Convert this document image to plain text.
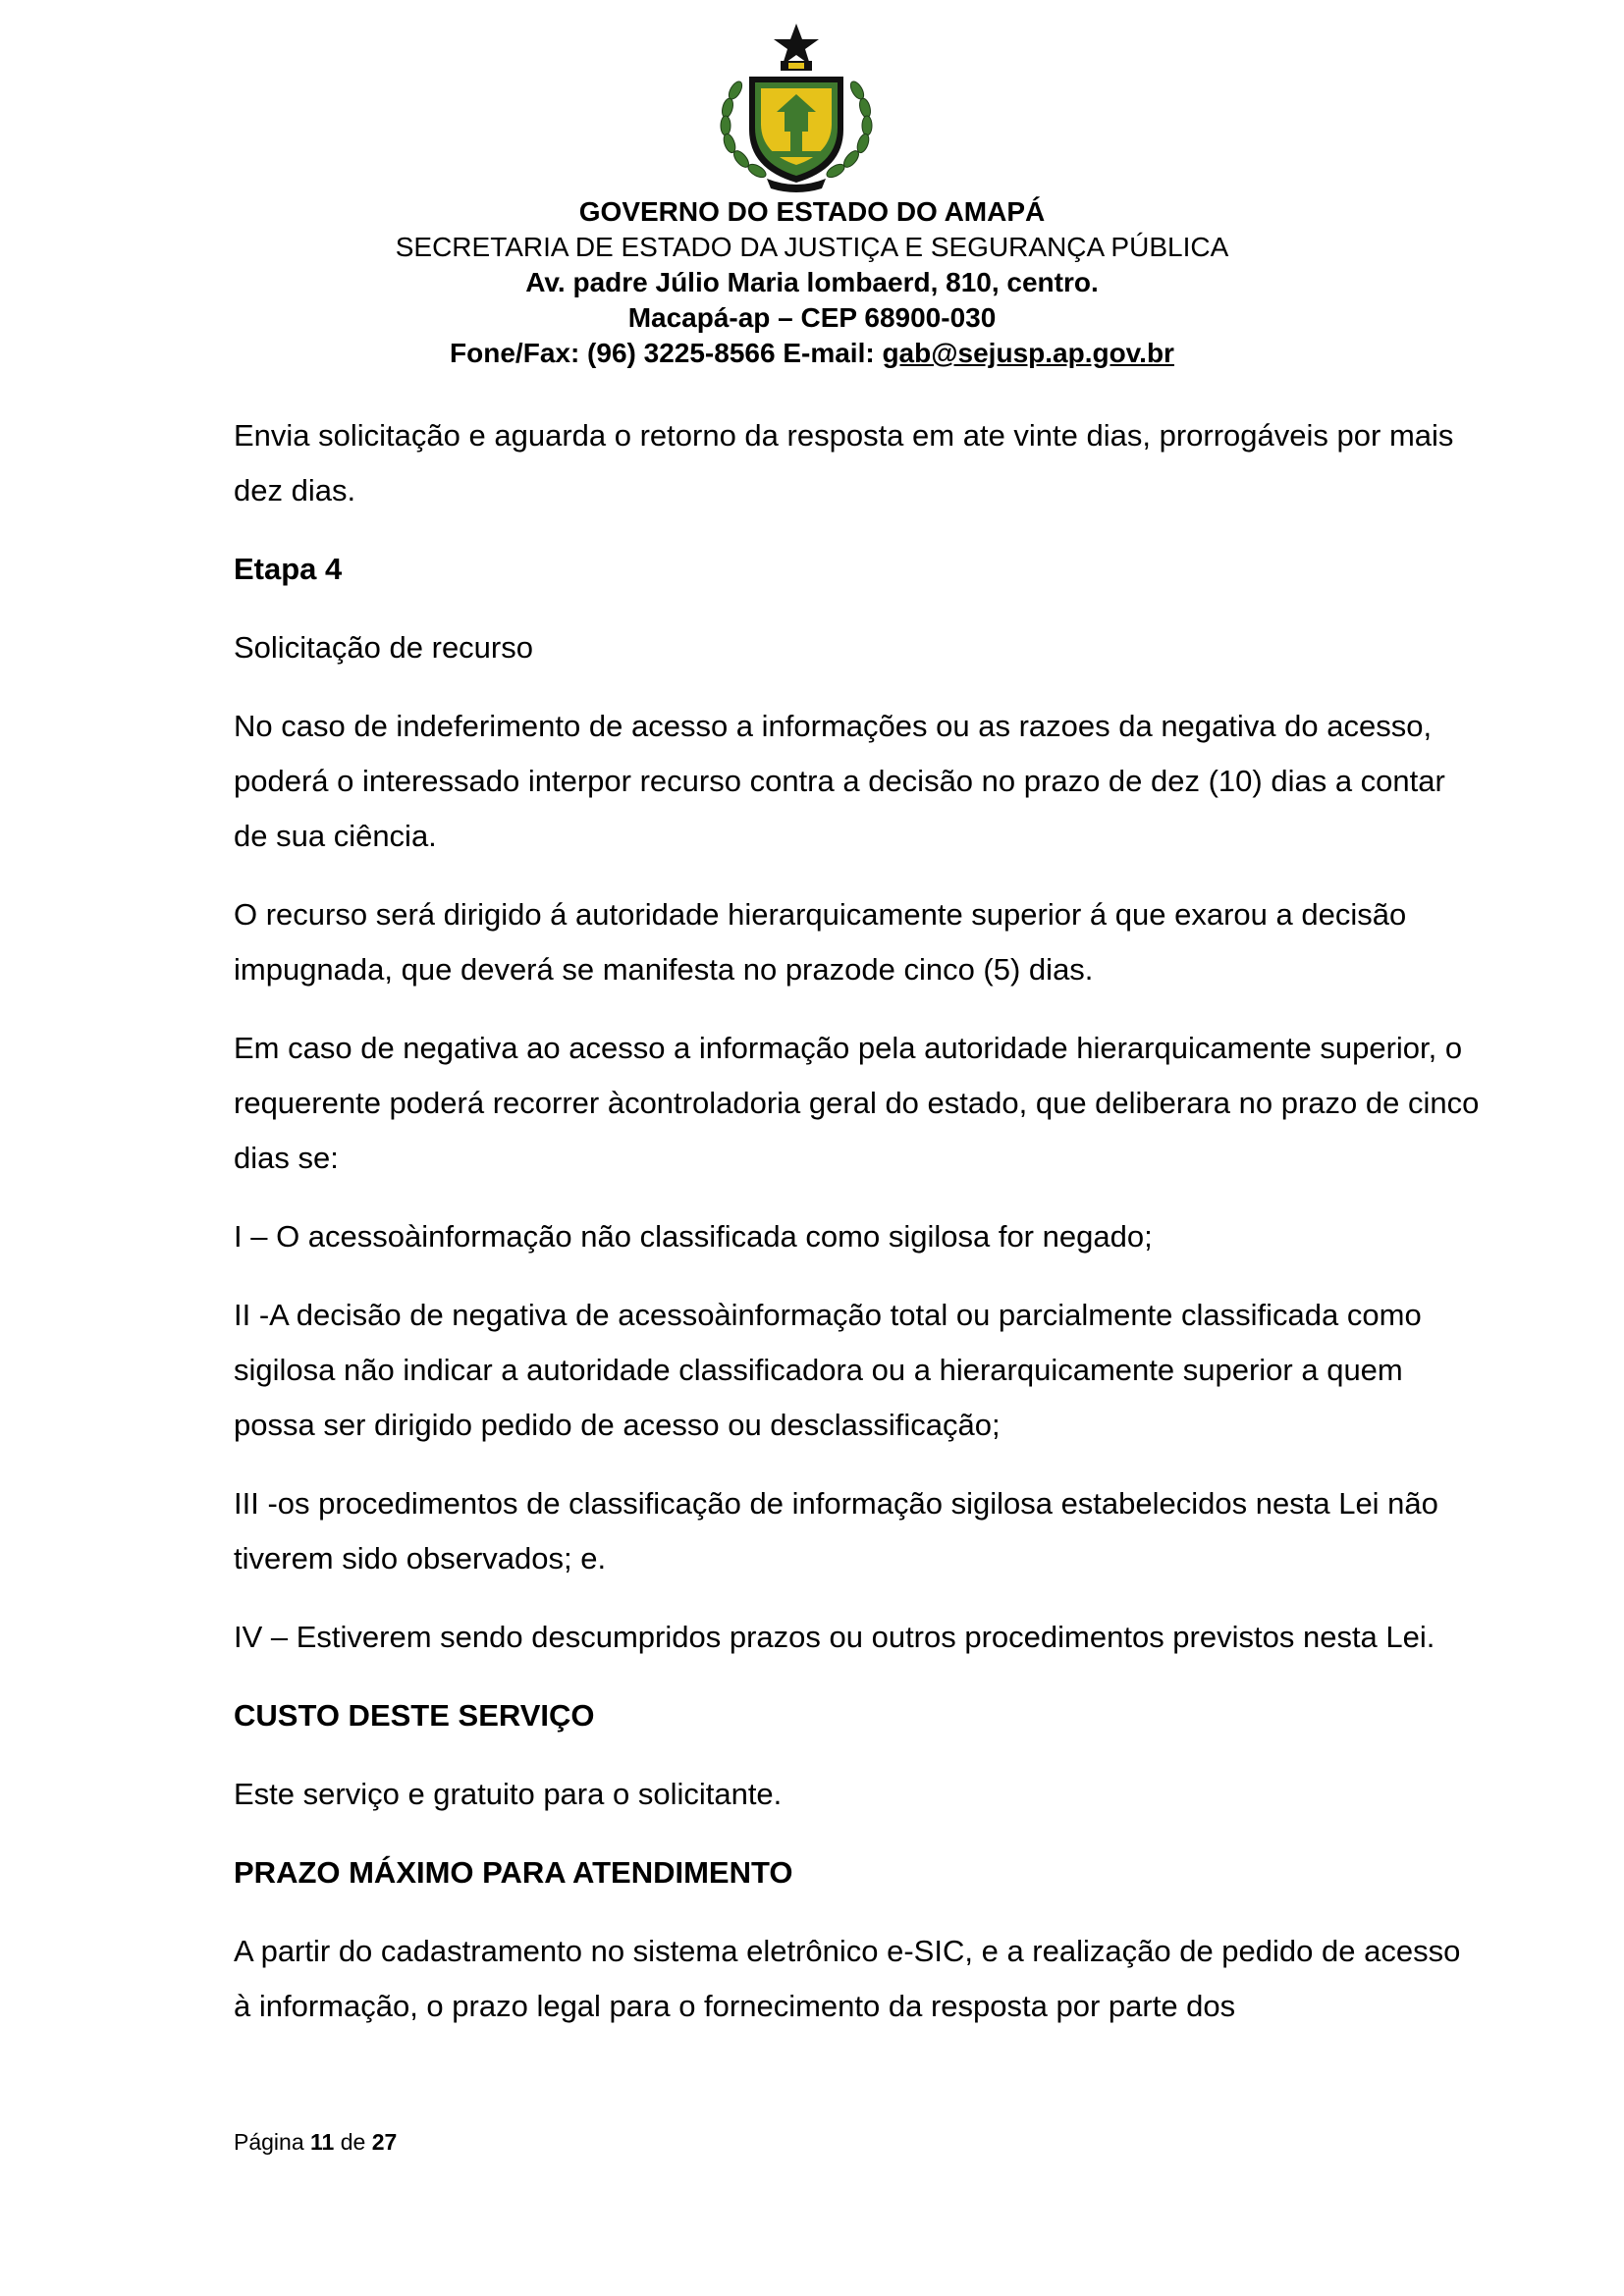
GOVERNO DO ESTADO DO AMAPÁ
SECRETARIA DE ESTADO DA JUSTIÇA E SEGURANÇA PÚBLICA
Av. padre Júlio Maria lombaerd, 810, centro.
Macapá-ap – CEP 68900-030
Fone/Fax: (96) 3225-8566 E-mail: gab@sejusp.ap.gov.br

Envia solicitação e aguarda o retorno da resposta em ate vinte dias, prorrogáveis por mais dez dias.

Etapa 4

Solicitação de recurso

No caso de indeferimento de acesso a informações ou as razoes da negativa do acesso, poderá o interessado interpor recurso contra a decisão no prazo de dez (10) dias a contar de sua ciência.

O recurso será dirigido á autoridade hierarquicamente superior á que exarou a decisão impugnada, que deverá se manifesta no prazode cinco (5) dias.

Em caso de negativa ao acesso a informação pela autoridade hierarquicamente superior, o requerente poderá recorrer àcontroladoria geral do estado, que deliberara no prazo de cinco dias se:

I – O acessoàinformação não classificada como sigilosa for negado;

II -A decisão de negativa de acessoàinformação total ou parcialmente classificada como sigilosa não indicar a autoridade classificadora ou a hierarquicamente superior a quem possa ser dirigido pedido de acesso ou desclassificação;

III -os procedimentos de classificação de informação sigilosa estabelecidos nesta Lei não tiverem sido observados; e.

IV – Estiverem sendo descumpridos prazos ou outros procedimentos previstos nesta Lei.

CUSTO DESTE SERVIÇO

Este serviço e gratuito para o solicitante.

PRAZO MÁXIMO PARA ATENDIMENTO

A partir do cadastramento no sistema eletrônico e-SIC, e a realização de pedido de acesso à informação, o prazo legal para o fornecimento da resposta por parte dos

Página 11 de 27
